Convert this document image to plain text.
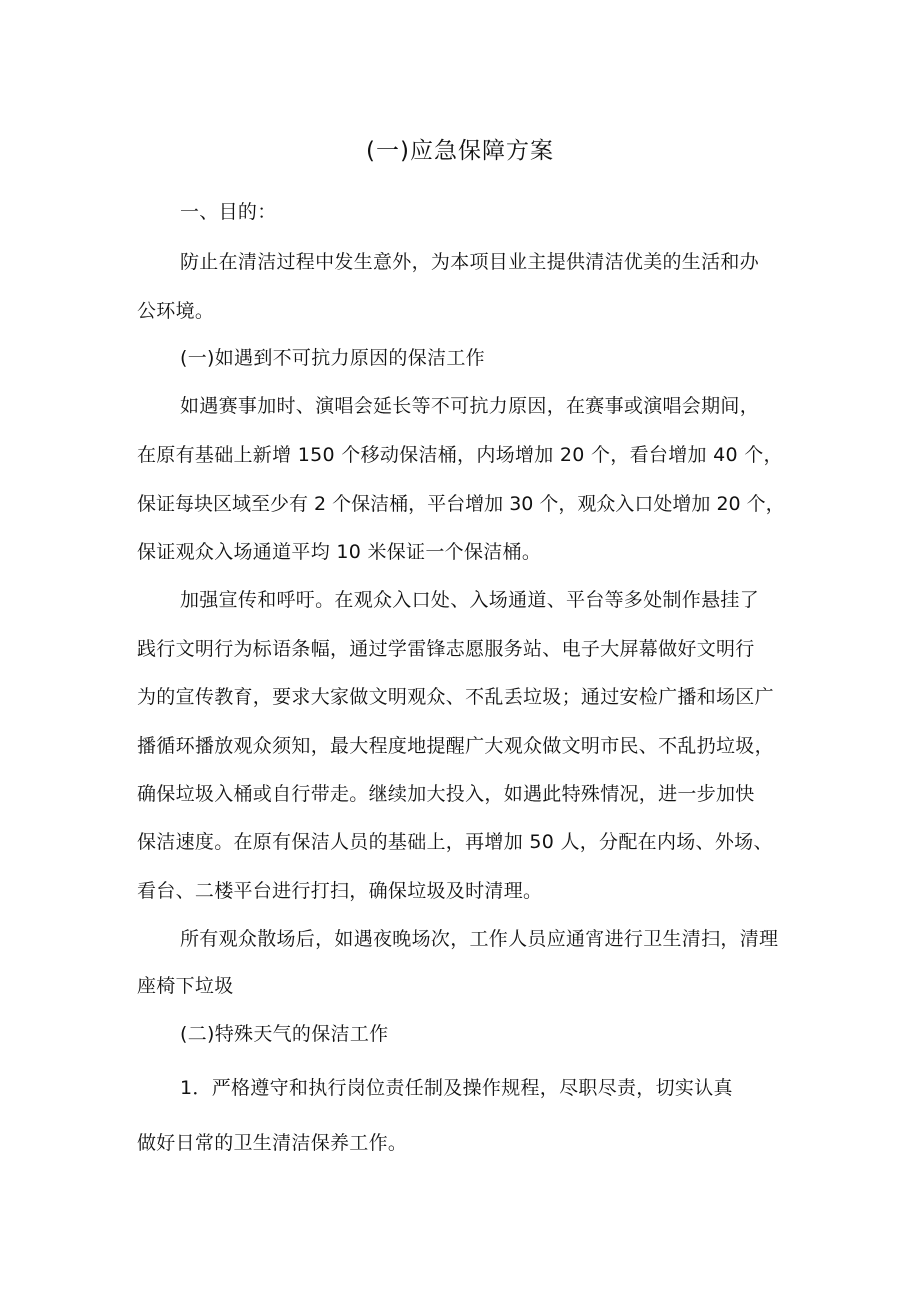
(一)应急保障方案
一、目的：
防止在清洁过程中发生意外，为本项目业主提供清洁优美的生活和办
公环境。
(一)如遇到不可抗力原因的保洁工作
如遇赛事加时、演唱会延长等不可抗力原因，在赛事或演唱会期间，
在原有基础上新增 150 个移动保洁桶，内场增加 20 个，看台增加 40 个，
保证每块区域至少有 2 个保洁桶，平台增加 30 个，观众入口处增加 20 个，
保证观众入场通道平均 10 米保证一个保洁桶。
加强宣传和呼吁。在观众入口处、入场通道、平台等多处制作悬挂了
践行文明行为标语条幅，通过学雷锋志愿服务站、电子大屏幕做好文明行
为的宣传教育，要求大家做文明观众、不乱丢垃圾；通过安检广播和场区广
播循环播放观众须知，最大程度地提醒广大观众做文明市民、不乱扔垃圾，
确保垃圾入桶或自行带走。继续加大投入，如遇此特殊情况，进一步加快
保洁速度。在原有保洁人员的基础上，再增加 50 人，分配在内场、外场、
看台、二楼平台进行打扫，确保垃圾及时清理。
所有观众散场后，如遇夜晚场次，工作人员应通宵进行卫生清扫，清理
座椅下垃圾
(二)特殊天气的保洁工作
1．严格遵守和执行岗位责任制及操作规程，尽职尽责，切实认真
做好日常的卫生清洁保养工作。
